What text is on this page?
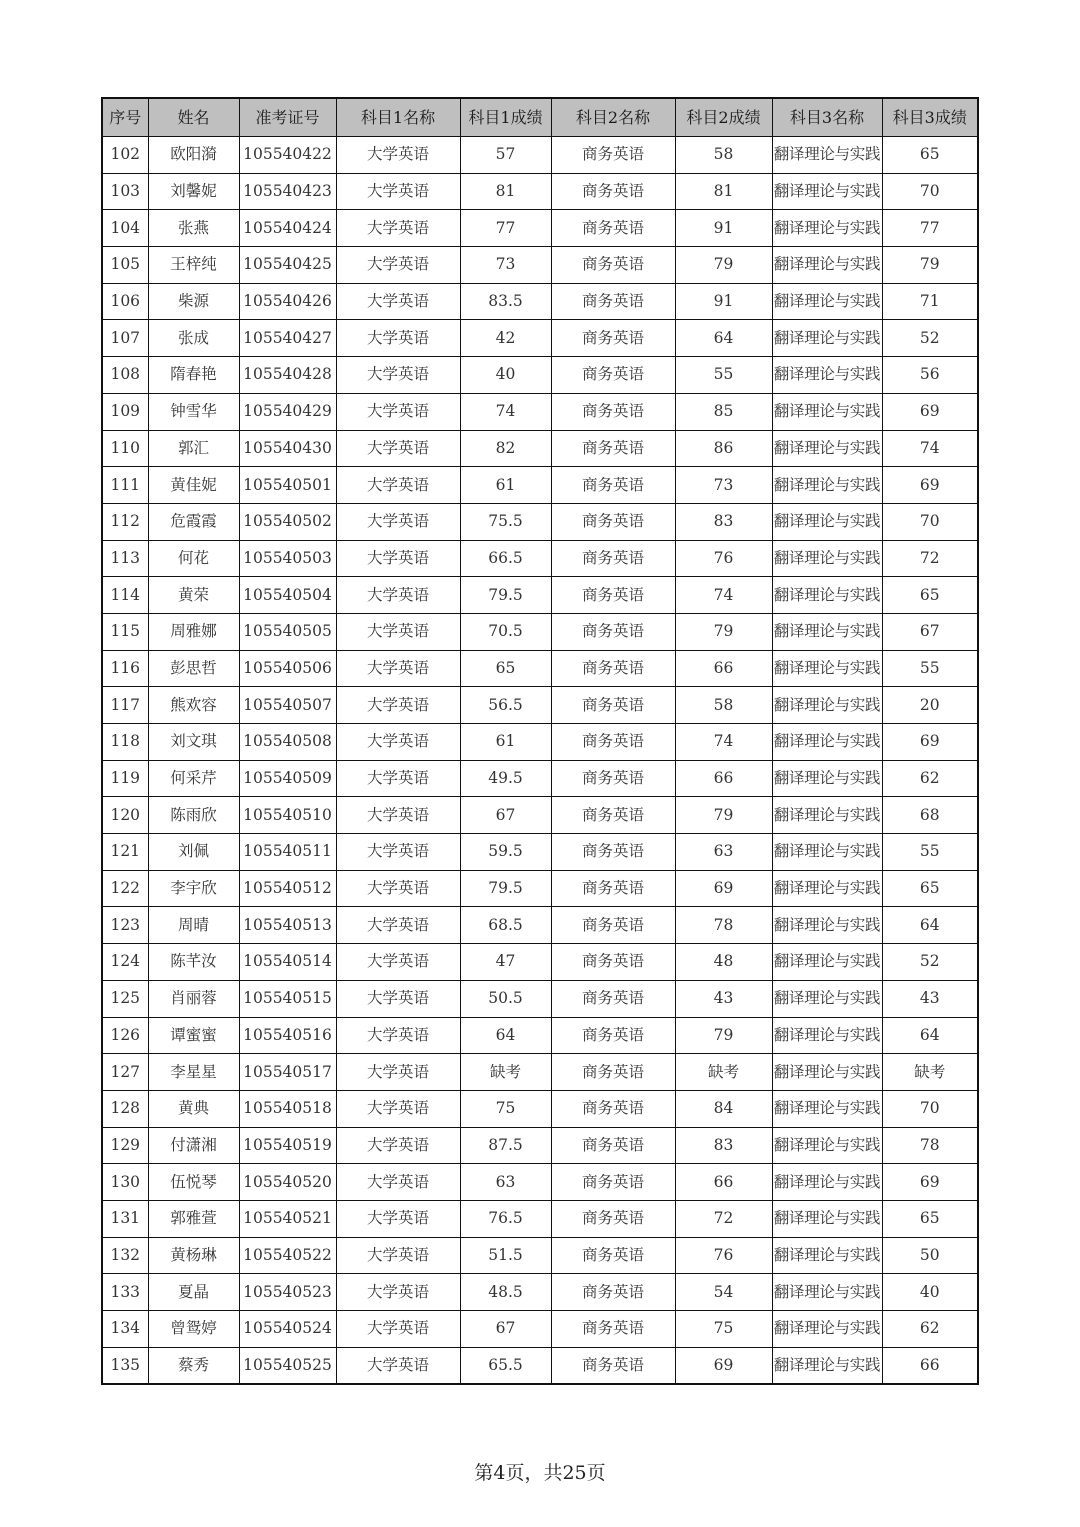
序号	姓名	准考证号	科目1名称	科目1成绩	科目2名称	科目2成绩	科目3名称	科目3成绩
102	欧阳漪	105540422	大学英语	57	商务英语	58	翻译理论与实践	65
103	刘馨妮	105540423	大学英语	81	商务英语	81	翻译理论与实践	70
104	张燕	105540424	大学英语	77	商务英语	91	翻译理论与实践	77
105	王梓纯	105540425	大学英语	73	商务英语	79	翻译理论与实践	79
106	柴源	105540426	大学英语	83.5	商务英语	91	翻译理论与实践	71
107	张成	105540427	大学英语	42	商务英语	64	翻译理论与实践	52
108	隋春艳	105540428	大学英语	40	商务英语	55	翻译理论与实践	56
109	钟雪华	105540429	大学英语	74	商务英语	85	翻译理论与实践	69
110	郭汇	105540430	大学英语	82	商务英语	86	翻译理论与实践	74
111	黄佳妮	105540501	大学英语	61	商务英语	73	翻译理论与实践	69
112	危霞霞	105540502	大学英语	75.5	商务英语	83	翻译理论与实践	70
113	何花	105540503	大学英语	66.5	商务英语	76	翻译理论与实践	72
114	黄荣	105540504	大学英语	79.5	商务英语	74	翻译理论与实践	65
115	周雅娜	105540505	大学英语	70.5	商务英语	79	翻译理论与实践	67
116	彭思哲	105540506	大学英语	65	商务英语	66	翻译理论与实践	55
117	熊欢容	105540507	大学英语	56.5	商务英语	58	翻译理论与实践	20
118	刘文琪	105540508	大学英语	61	商务英语	74	翻译理论与实践	69
119	何采芹	105540509	大学英语	49.5	商务英语	66	翻译理论与实践	62
120	陈雨欣	105540510	大学英语	67	商务英语	79	翻译理论与实践	68
121	刘佩	105540511	大学英语	59.5	商务英语	63	翻译理论与实践	55
122	李宇欣	105540512	大学英语	79.5	商务英语	69	翻译理论与实践	65
123	周晴	105540513	大学英语	68.5	商务英语	78	翻译理论与实践	64
124	陈芊汝	105540514	大学英语	47	商务英语	48	翻译理论与实践	52
125	肖丽蓉	105540515	大学英语	50.5	商务英语	43	翻译理论与实践	43
126	谭蜜蜜	105540516	大学英语	64	商务英语	79	翻译理论与实践	64
127	李星星	105540517	大学英语	缺考	商务英语	缺考	翻译理论与实践	缺考
128	黄典	105540518	大学英语	75	商务英语	84	翻译理论与实践	70
129	付潇湘	105540519	大学英语	87.5	商务英语	83	翻译理论与实践	78
130	伍悦琴	105540520	大学英语	63	商务英语	66	翻译理论与实践	69
131	郭雅萱	105540521	大学英语	76.5	商务英语	72	翻译理论与实践	65
132	黄杨琳	105540522	大学英语	51.5	商务英语	76	翻译理论与实践	50
133	夏晶	105540523	大学英语	48.5	商务英语	54	翻译理论与实践	40
134	曾鸳婷	105540524	大学英语	67	商务英语	75	翻译理论与实践	62
135	蔡秀	105540525	大学英语	65.5	商务英语	69	翻译理论与实践	66
第4页，共25页
